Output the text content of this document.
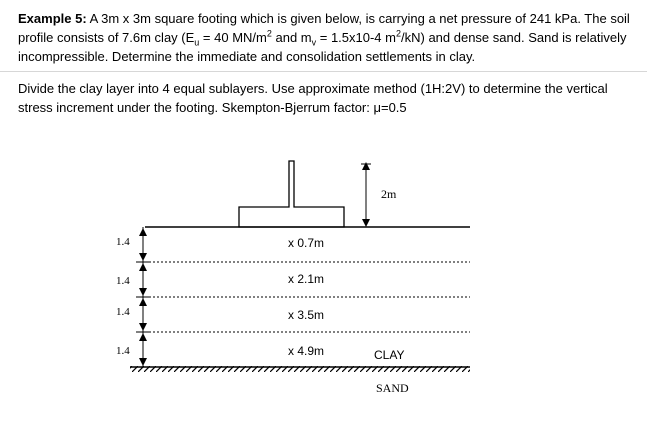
Example 5: A 3m x 3m square footing which is given below, is carrying a net pressure of 241 kPa. The soil profile consists of 7.6m clay ($E_u = 40$ $MN/m^2$ and $m_v = 1.5x10-4$ $m^2/kN$) and dense sand. Sand is relatively incompressible. Determine the immediate and consolidation settlements in clay.

Divide the clay layer into 4 equal sublayers. Use approximate method (1H:2V) to determine the vertical stress increment under the footing. Skempton-Bjerrum factor: μ=0.5

2m
1.4
1.4
1.4
1.4
x 0.7m
x 2.1m
x 3.5m
x 4.9m	CLAY
SAND
